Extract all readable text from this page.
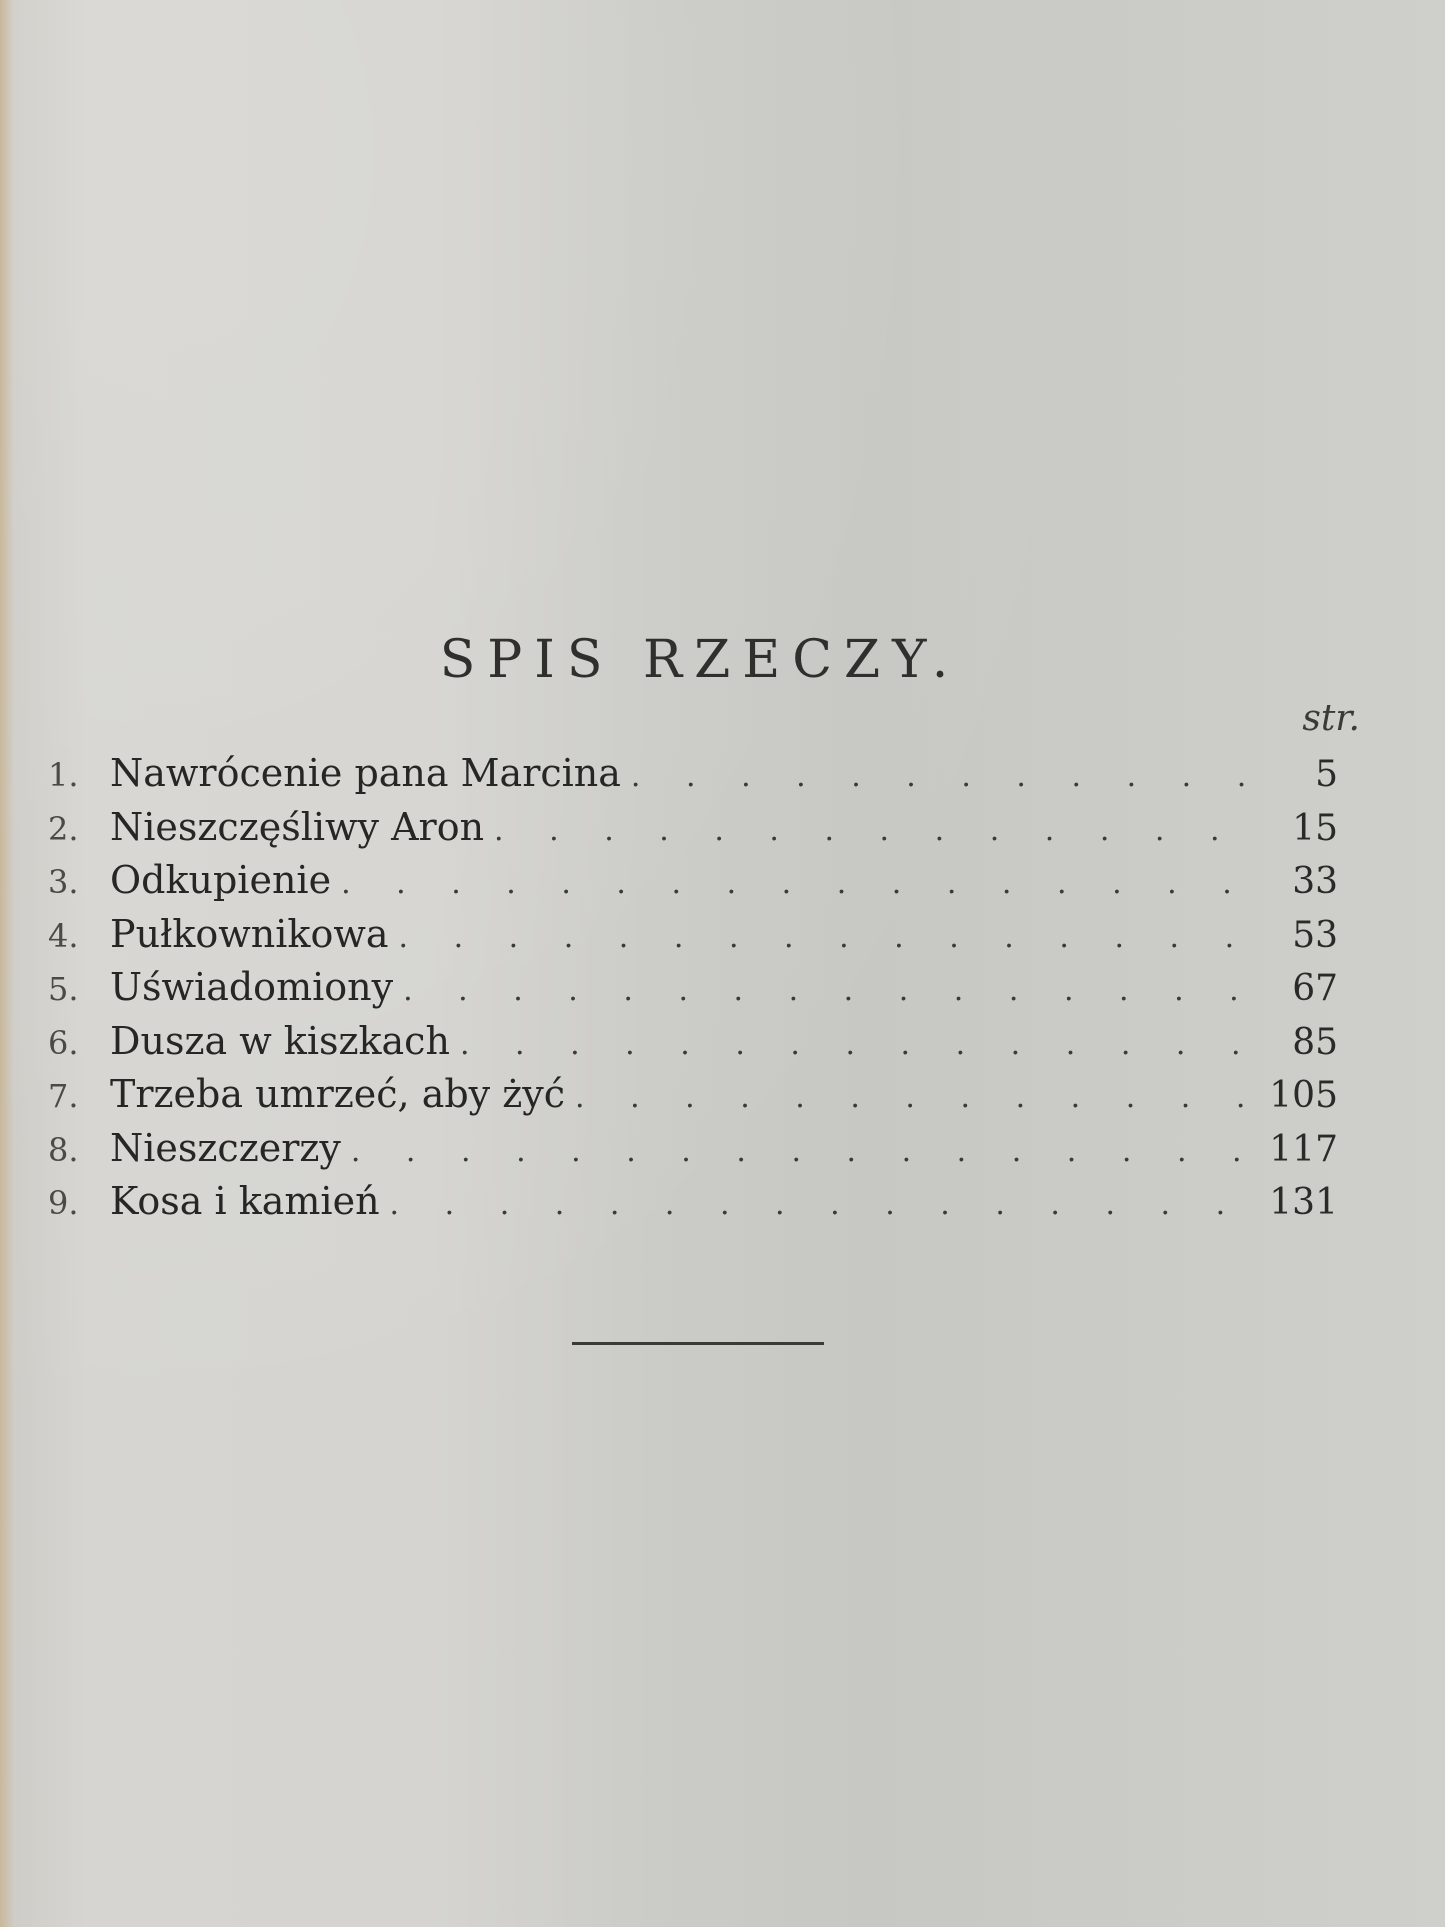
SPIS RZECZY.
str.
1. Nawrócenie pana Marcina . . .	5
2. Nieszczęśliwy Aron . . .	15
3. Odkupienie . . .	33
4. Pułkownikowa . . .	53
5. Uświadomiony . . .	67
6. Dusza w kiszkach . . .	85
7. Trzeba umrzeć, aby żyć . . .	105
8. Nieszczerzy . . .	117
9. Kosa i kamień . . .	131
